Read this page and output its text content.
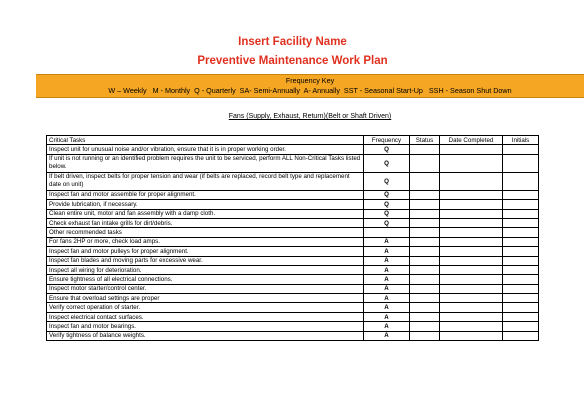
Insert Facility Name
Preventive Maintenance Work Plan
Frequency Key
W – Weekly   M - Monthly  Q - Quarterly  SA- Semi-Annually  A- Annually  SST - Seasonal Start-Up   SSH - Season Shut Down
Fans (Supply, Exhaust, Return)(Belt or Shaft Driven)
Critical Tasks	Frequency	Status	Date Completed	Initials
Inspect unit for unusual noise and/or vibration, ensure that it is in proper working order.	Q			
If unit is not running or an identified problem requires the unit to be serviced, perform ALL Non-Critical Tasks listed below.	Q			
If belt driven, inspect belts for proper tension and wear (if belts are replaced, record belt type and replacement date on unit)	Q			
Inspect fan and motor assemble for proper alignment.	Q			
Provide lubrication, if necessary.	Q			
Clean entire unit, motor and fan assembly with a damp cloth.	Q			
Check exhaust fan intake grills for dirt/debris.	Q			
Other recommended tasks				
For fans 2HP or more, check load amps.	A			
Inspect fan and motor pulleys for proper alignment.	A			
Inspect fan blades and moving parts for excessive wear.	A			
Inspect all wiring for deterioration.	A			
Ensure tightness of all electrical connections.	A			
Inspect motor starter/control center.	A			
Ensure that overload settings are proper	A			
Verify correct operation of starter.	A			
Inspect electrical contact surfaces.	A			
Inspect fan and motor bearings.	A			
Verify tightness of balance weights.	A			
